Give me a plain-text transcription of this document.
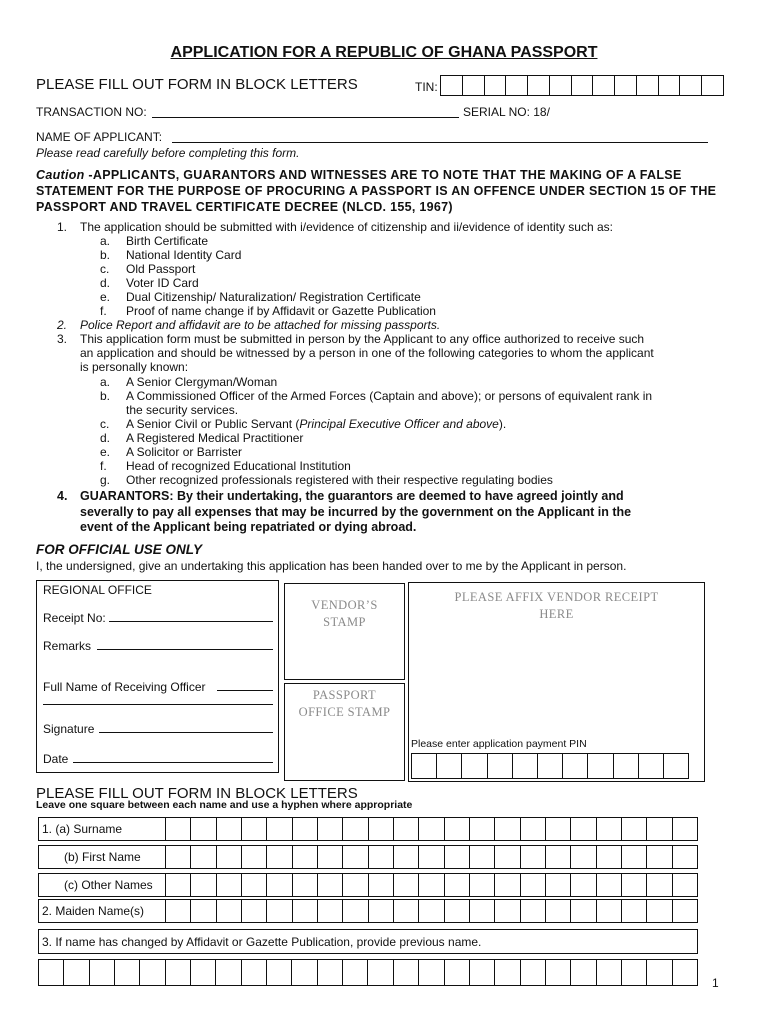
APPLICATION FOR A REPUBLIC OF GHANA PASSPORT
PLEASE FILL OUT FORM IN BLOCK LETTERS	TIN:
TRANSACTION NO:	SERIAL NO: 18/
NAME OF APPLICANT:
Please read carefully before completing this form.
Caution -APPLICANTS, GUARANTORS AND WITNESSES ARE TO NOTE THAT THE MAKING OF A FALSE STATEMENT FOR THE PURPOSE OF PROCURING A PASSPORT IS AN OFFENCE UNDER SECTION 15 OF THE PASSPORT AND TRAVEL CERTIFICATE DECREE (NLCD. 155, 1967)
1. The application should be submitted with i/evidence of citizenship and ii/evidence of identity such as:
a. Birth Certificate
b. National Identity Card
c. Old Passport
d. Voter ID Card
e. Dual Citizenship/ Naturalization/ Registration Certificate
f. Proof of name change if by Affidavit or Gazette Publication
2. Police Report and affidavit are to be attached for missing passports.
3. This application form must be submitted in person by the Applicant to any office authorized to receive such
an application and should be witnessed by a person in one of the following categories to whom the applicant
is personally known:
a. A Senior Clergyman/Woman
b. A Commissioned Officer of the Armed Forces (Captain and above); or persons of equivalent rank in
the security services.
c. A Senior Civil or Public Servant (Principal Executive Officer and above).
d. A Registered Medical Practitioner
e. A Solicitor or Barrister
f. Head of recognized Educational Institution
g. Other recognized professionals registered with their respective regulating bodies
4. GUARANTORS: By their undertaking, the guarantors are deemed to have agreed jointly and
severally to pay all expenses that may be incurred by the government on the Applicant in the
event of the Applicant being repatriated or dying abroad.
FOR OFFICIAL USE ONLY
I, the undersigned, give an undertaking this application has been handed over to me by the Applicant in person.
REGIONAL OFFICE
Receipt No:
Remarks
Full Name of Receiving Officer
Signature
Date
VENDOR’S
STAMP
PASSPORT
OFFICE STAMP
PLEASE AFFIX VENDOR RECEIPT
HERE
Please enter application payment PIN
PLEASE FILL OUT FORM IN BLOCK LETTERS
Leave one square between each name and use a hyphen where appropriate
1. (a) Surname
(b) First Name
(c) Other Names
2. Maiden Name(s)
3. If name has changed by Affidavit or Gazette Publication, provide previous name.
1
